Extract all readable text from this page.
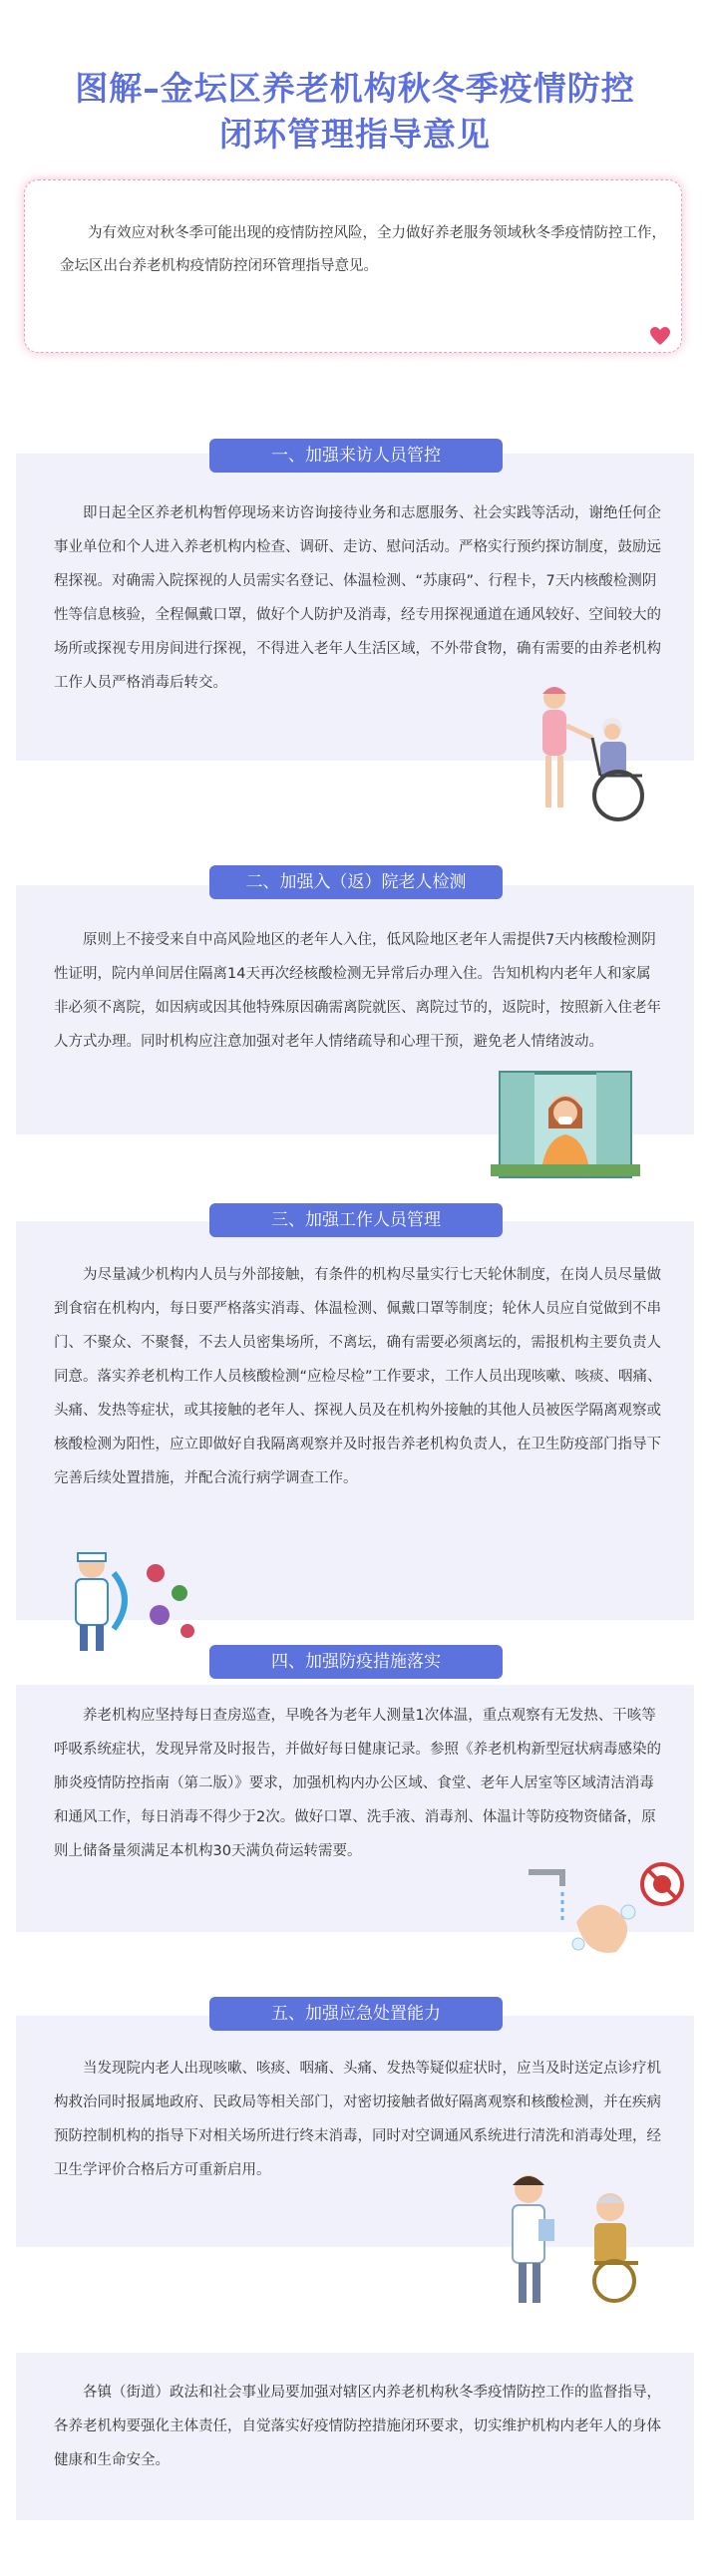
图解–金坛区养老机构秋冬季疫情防控
闭环管理指导意见
为有效应对秋冬季可能出现的疫情防控风险，全力做好养老服务领域秋冬季疫情防控工作，金坛区出台养老机构疫情防控闭环管理指导意见。
一、加强来访人员管控
即日起全区养老机构暂停现场来访咨询接待业务和志愿服务、社会实践等活动，谢绝任何企事业单位和个人进入养老机构内检查、调研、走访、慰问活动。严格实行预约探访制度，鼓励远程探视。对确需入院探视的人员需实名登记、体温检测、“苏康码”、行程卡，7天内核酸检测阴性等信息核验，全程佩戴口罩，做好个人防护及消毒，经专用探视通道在通风较好、空间较大的场所或探视专用房间进行探视，不得进入老年人生活区域，不外带食物，确有需要的由养老机构工作人员严格消毒后转交。
二、加强入（返）院老人检测
原则上不接受来自中高风险地区的老年人入住，低风险地区老年人需提供7天内核酸检测阴性证明，院内单间居住隔离14天再次经核酸检测无异常后办理入住。告知机构内老年人和家属非必须不离院，如因病或因其他特殊原因确需离院就医、离院过节的，返院时，按照新入住老年人方式办理。同时机构应注意加强对老年人情绪疏导和心理干预，避免老人情绪波动。
三、加强工作人员管理
为尽量减少机构内人员与外部接触，有条件的机构尽量实行七天轮休制度，在岗人员尽量做到食宿在机构内，每日要严格落实消毒、体温检测、佩戴口罩等制度；轮休人员应自觉做到不串门、不聚众、不聚餐，不去人员密集场所，不离坛，确有需要必须离坛的，需报机构主要负责人同意。落实养老机构工作人员核酸检测“应检尽检”工作要求，工作人员出现咳嗽、咳痰、咽痛、头痛、发热等症状，或其接触的老年人、探视人员及在机构外接触的其他人员被医学隔离观察或核酸检测为阳性，应立即做好自我隔离观察并及时报告养老机构负责人，在卫生防疫部门指导下完善后续处置措施，并配合流行病学调查工作。
四、加强防疫措施落实
养老机构应坚持每日查房巡查，早晚各为老年人测量1次体温，重点观察有无发热、干咳等呼吸系统症状，发现异常及时报告，并做好每日健康记录。参照《养老机构新型冠状病毒感染的肺炎疫情防控指南（第二版）》要求，加强机构内办公区域、食堂、老年人居室等区域清洁消毒和通风工作，每日消毒不得少于2次。做好口罩、洗手液、消毒剂、体温计等防疫物资储备，原则上储备量须满足本机构30天满负荷运转需要。
五、加强应急处置能力
当发现院内老人出现咳嗽、咳痰、咽痛、头痛、发热等疑似症状时，应当及时送定点诊疗机构救治同时报属地政府、民政局等相关部门，对密切接触者做好隔离观察和核酸检测，并在疾病预防控制机构的指导下对相关场所进行终末消毒，同时对空调通风系统进行清洗和消毒处理，经卫生学评价合格后方可重新启用。
各镇（街道）政法和社会事业局要加强对辖区内养老机构秋冬季疫情防控工作的监督指导，各养老机构要强化主体责任，自觉落实好疫情防控措施闭环要求，切实维护机构内老年人的身体健康和生命安全。
